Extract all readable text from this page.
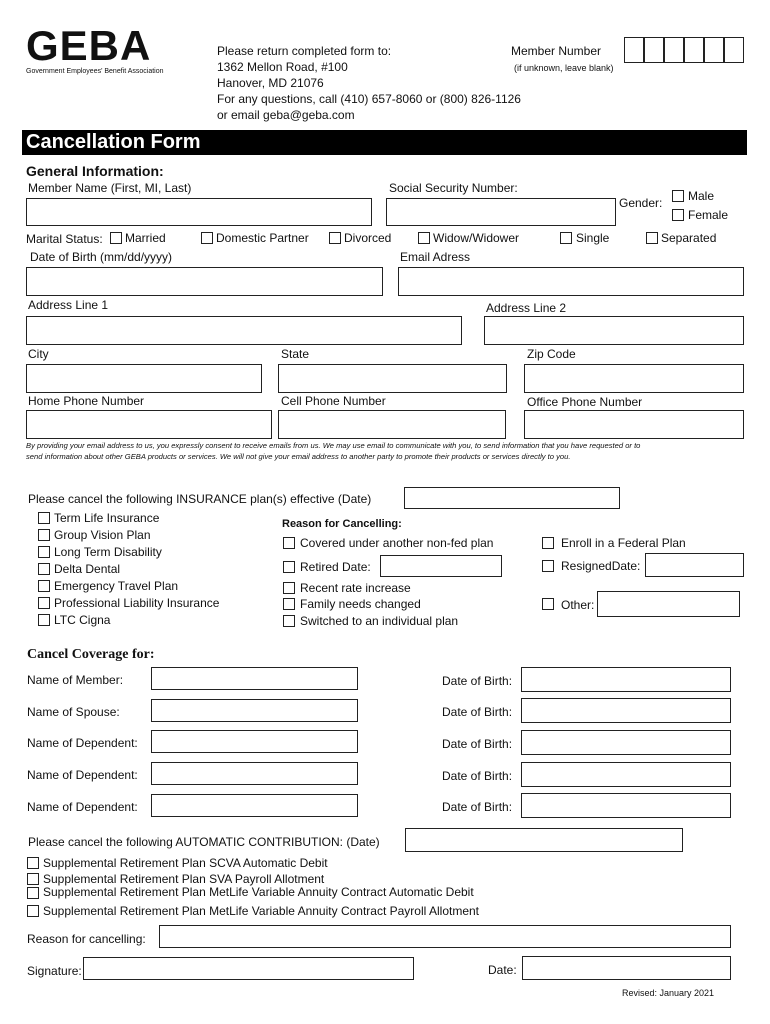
GEBA
Government Employees' Benefit Association
Please return completed form to:
1362 Mellon Road, #100
Hanover, MD 21076
For any questions, call (410) 657-8060 or (800) 826-1126
or email geba@geba.com
Member Number
(if unknown, leave blank)
Cancellation Form
General Information:
Member Name (First, MI, Last)	Social Security Number:
Gender: Male
Female
Marital Status: Married	Domestic Partner	Divorced	Widow/Widower	Single	Separated
Date of Birth (mm/dd/yyyy)	Email Adress
Address Line 1	Address Line 2
City	State	Zip Code
Home Phone Number	Cell Phone Number	Office Phone Number
By providing your email address to us, you expressly consent to receive emails from us. We may use email to communicate with you, to send information that you have requested or to
send information about other GEBA products or services. We will not give your email address to another party to promote their products or services directly to you.
Please cancel the following INSURANCE plan(s) effective (Date)
Term Life Insurance
Group Vision Plan
Long Term Disability
Delta Dental
Emergency Travel Plan
Professional Liability Insurance
LTC Cigna
Reason for Cancelling:
Covered under another non-fed plan
Retired Date:
Recent rate increase
Family needs changed
Switched to an individual plan
Enroll in a Federal Plan
ResignedDate:
Other:
Cancel Coverage for:
Name of Member:	Date of Birth:
Name of Spouse:	Date of Birth:
Name of Dependent:	Date of Birth:
Name of Dependent:	Date of Birth:
Name of Dependent:	Date of Birth:
Please cancel the following AUTOMATIC CONTRIBUTION: (Date)
Supplemental Retirement Plan SCVA Automatic Debit
Supplemental Retirement Plan SVA Payroll Allotment
Supplemental Retirement Plan MetLife Variable Annuity Contract Automatic Debit
Supplemental Retirement Plan MetLife Variable Annuity Contract Payroll Allotment
Reason for cancelling:
Signature:	Date:
Revised: January 2021
